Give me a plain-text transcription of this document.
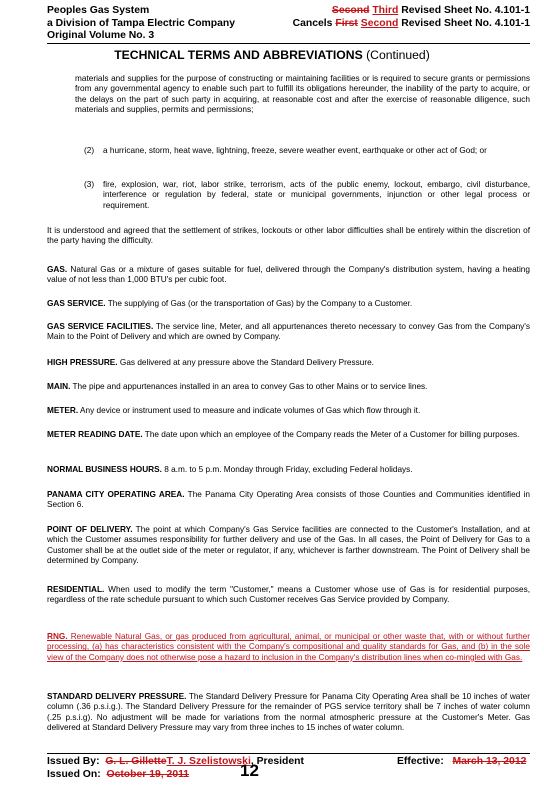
Peoples Gas System
a Division of Tampa Electric Company
Original Volume No. 3
Second Third Revised Sheet No. 4.101-1
Cancels First Second Revised Sheet No. 4.101-1
TECHNICAL TERMS AND ABBREVIATIONS (Continued)

materials and supplies for the purpose of constructing or maintaining facilities or is required to secure grants or permissions from any governmental agency to enable such part to fulfill its obligations hereunder, the inability of the party to acquire, or the delays on the part of such party in acquiring, at reasonable cost and after the exercise of reasonable diligence, such materials and supplies, permits and permissions;

(2) a hurricane, storm, heat wave, lightning, freeze, severe weather event, earthquake or other act of God; or
(3) fire, explosion, war, riot, labor strike, terrorism, acts of the public enemy, lockout, embargo, civil disturbance, interference or regulation by federal, state or municipal governments, injunction or other legal process or requirement.

It is understood and agreed that the settlement of strikes, lockouts or other labor difficulties shall be entirely within the discretion of the party having the difficulty.

GAS. Natural Gas or a mixture of gases suitable for fuel, delivered through the Company's distribution system, having a heating value of not less than 1,000 BTU's per cubic foot.

GAS SERVICE. The supplying of Gas (or the transportation of Gas) by the Company to a Customer.

GAS SERVICE FACILITIES. The service line, Meter, and all appurtenances thereto necessary to convey Gas from the Company's Main to the Point of Delivery and which are owned by Company.

HIGH PRESSURE. Gas delivered at any pressure above the Standard Delivery Pressure.

MAIN. The pipe and appurtenances installed in an area to convey Gas to other Mains or to service lines.

METER. Any device or instrument used to measure and indicate volumes of Gas which flow through it.

METER READING DATE. The date upon which an employee of the Company reads the Meter of a Customer for billing purposes.

NORMAL BUSINESS HOURS. 8 a.m. to 5 p.m. Monday through Friday, excluding Federal holidays.

PANAMA CITY OPERATING AREA. The Panama City Operating Area consists of those Counties and Communities identified in Section 6.

POINT OF DELIVERY. The point at which Company's Gas Service facilities are connected to the Customer's Installation, and at which the Customer assumes responsibility for further delivery and use of the Gas. In all cases, the Point of Delivery for Gas to a Customer shall be at the outlet side of the meter or regulator, if any, whichever is farther downstream. The Point of Delivery shall be determined by Company.

RESIDENTIAL. When used to modify the term "Customer," means a Customer whose use of Gas is for residential purposes, regardless of the rate schedule pursuant to which such Customer receives Gas Service provided by Company.

RNG. Renewable Natural Gas, or gas produced from agricultural, animal, or municipal or other waste that, with or without further processing, (a) has characteristics consistent with the Company's compositional and quality standards for Gas, and (b) in the sole view of the Company does not otherwise pose a hazard to inclusion in the Company's distribution lines when co-mingled with Gas.

STANDARD DELIVERY PRESSURE. The Standard Delivery Pressure for Panama City Operating Area shall be 10 inches of water column (.36 p.s.i.g.). The Standard Delivery Pressure for the remainder of PGS service territory shall be 7 inches of water column (.25 p.s.i.g). No adjustment will be made for variations from the normal atmospheric pressure at the Customer's Meter. Gas delivered at Standard Delivery Pressure may vary from three inches to 15 inches of water column.

Issued By: G. L. GilletteT. J. Szelistowski, President	Effective: March 13, 2012
Issued On: October 19, 2011	12
